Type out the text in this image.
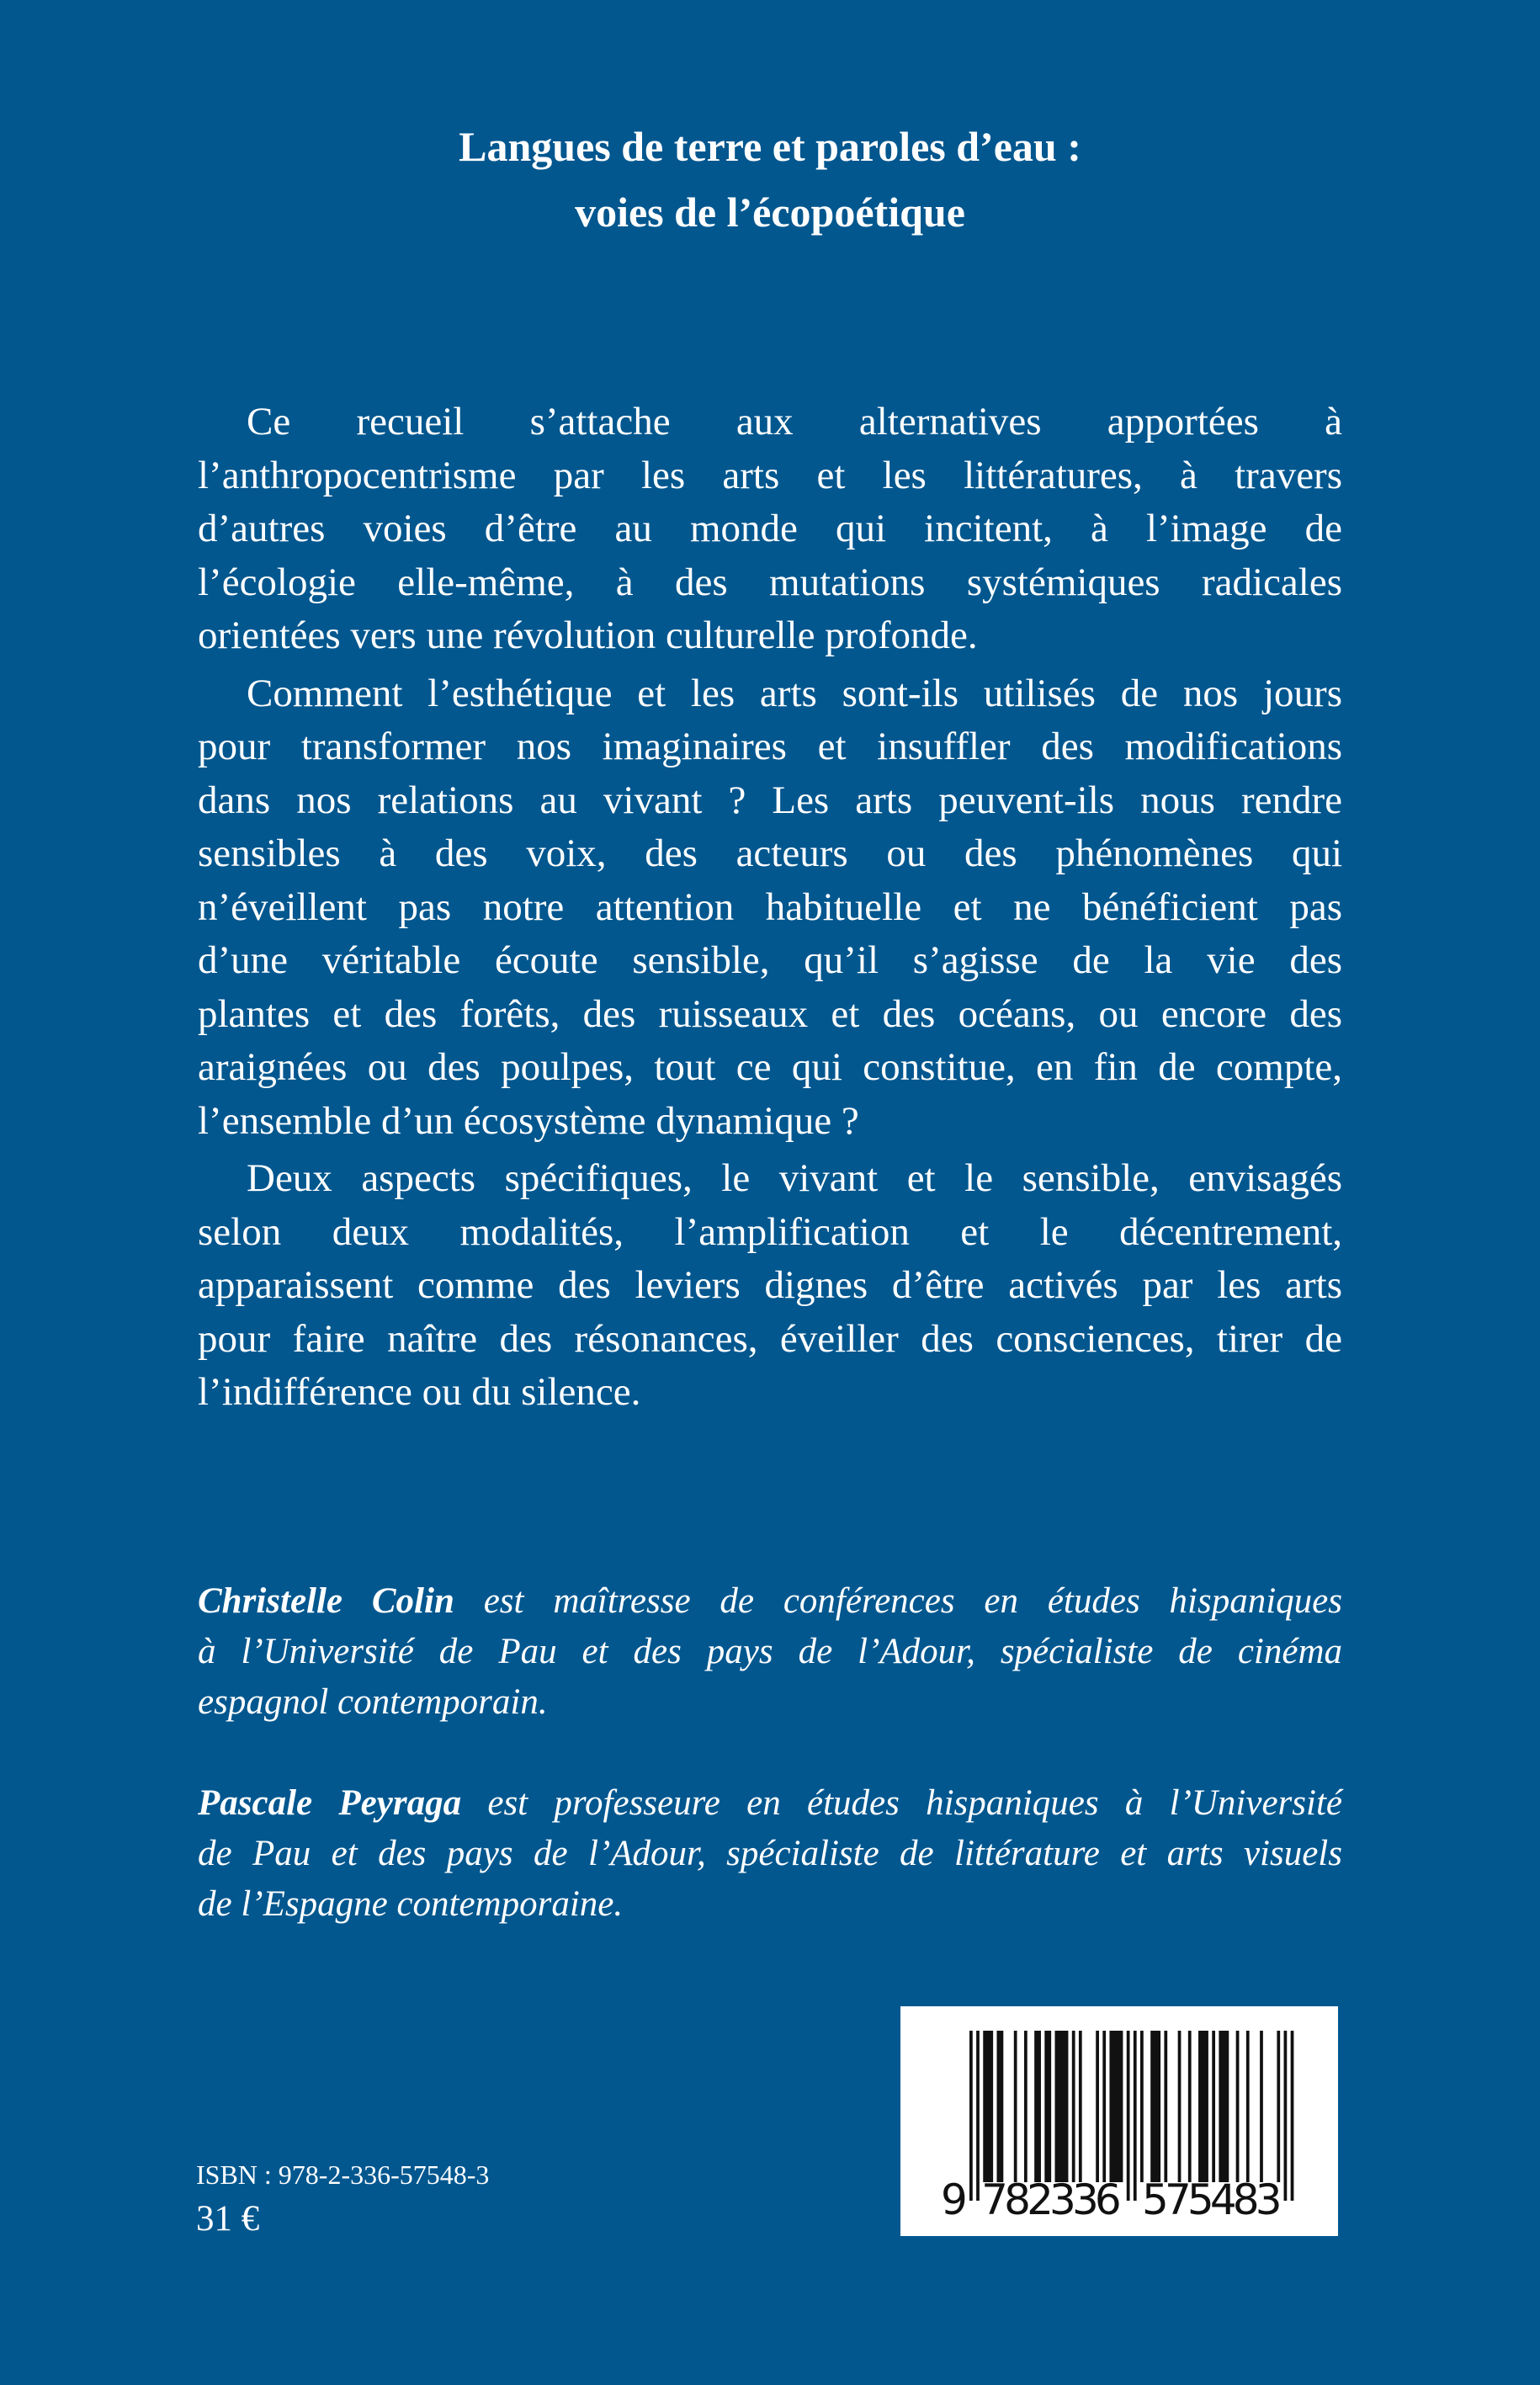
Langues de terre et paroles d’eau :
voies de l’écopoétique
Ce recueil s’attache aux alternatives apportées à
l’anthropocentrisme par les arts et les littératures, à travers
d’autres voies d’être au monde qui incitent, à l’image de
l’écologie elle-même, à des mutations systémiques radicales
orientées vers une révolution culturelle profonde.
Comment l’esthétique et les arts sont-ils utilisés de nos jours
pour transformer nos imaginaires et insuffler des modifications
dans nos relations au vivant ? Les arts peuvent-ils nous rendre
sensibles à des voix, des acteurs ou des phénomènes qui
n’éveillent pas notre attention habituelle et ne bénéficient pas
d’une véritable écoute sensible, qu’il s’agisse de la vie des
plantes et des forêts, des ruisseaux et des océans, ou encore des
araignées ou des poulpes, tout ce qui constitue, en fin de compte,
l’ensemble d’un écosystème dynamique ?
Deux aspects spécifiques, le vivant et le sensible, envisagés
selon deux modalités, l’amplification et le décentrement,
apparaissent comme des leviers dignes d’être activés par les arts
pour faire naître des résonances, éveiller des consciences, tirer de
l’indifférence ou du silence.
Christelle Colin est maîtresse de conférences en études hispaniques
à l’Université de Pau et des pays de l’Adour, spécialiste de cinéma
espagnol contemporain.
Pascale Peyraga est professeure en études hispaniques à l’Université
de Pau et des pays de l’Adour, spécialiste de littérature et arts visuels
de l’Espagne contemporaine.
ISBN : 978-2-336-57548-3
31 €	9 782336 575483
